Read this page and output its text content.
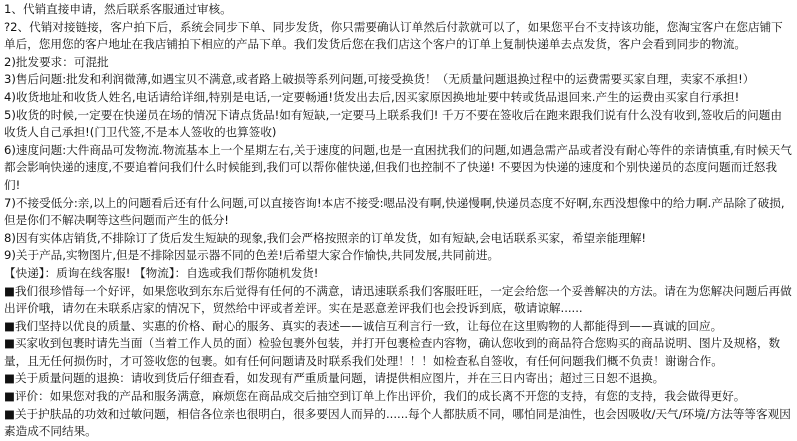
1、代销直接申请，然后联系客服通过审核。
?2、代销对接链接，客户拍下后，系统会同步下单、同步发货，你只需要确认订单然后付款就可以了，如果您平台不支持该功能，您淘宝客户在您店铺下单后，您用您的客户地址在我店铺拍下相应的产品下单。我们发货后您在我们店这个客户的订单上复制快递单去点发货，客户会看到同步的物流。
2)批发要求：可混批
3)售后问题:批发和利润微薄,如遇宝贝不满意,或者路上破损等系列问题,可接受换货！（无质量问题退换过程中的运费需要买家自理，卖家不承担!）
4)收货地址和收货人姓名,电话请给详细,特别是电话,一定要畅通!货发出去后,因买家原因换地址要中转或货品退回来.产生的运费由买家自行承担!
5)收货的时候,一定要在快递员在场的情况下请点货品!如有短缺,一定要马上联系我们! 千万不要在签收后在跑来跟我们说有什么没有收到,签收后的问题由收货人自己承担!(门卫代签,不是本人签收的也算签收)
6)速度问题:大件商品可发物流.物流基本上一个星期左右,关于速度的问题,也是一直困扰我们的问题,如遇急需产品或者没有耐心等件的亲请慎重,有时候天气都会影响快递的速度,不要追着问我们什么时候能到,我们可以帮你催快递,但我们也控制不了快递! 不要因为快递的速度和个别快递员的态度问题而迁怒我们!
7)不接受低分:亲,以上的问题看后还有什么问题,可以直接咨询!本店不接受:嗯品没有啊,快递慢啊,快递员态度不好啊,东西没想像中的给力啊.产品除了破损,但是你们不解决啊等这些问题而产生的低分!
8)因有实体店销货,不排除订了货后发生短缺的现象,我们会严格按照亲的订单发货，如有短缺,会电话联系买家，希望亲能理解!
9)关于产品,实物图片,但是不排除因显示器不同的色差!后希望大家合作愉快,共同发展,共同前进。
【快递】：质询在线客服! 【物流】：自选或我们帮你随机发货!
■我们很珍惜每一个好评，如果您收到东东后觉得有任何的不满意，请迅速联系我们客服旺旺，一定会给您一个妥善解决的方法。请在为您解决问题后再做出评价哦，请勿在未联系店家的情况下，贸然给中评或者差评。实在是恶意差评我们也会投诉到底，敬请谅解......
■我们坚持以优良的质量、实惠的价格、耐心的服务、真实的表述——诚信互利言行一致，让每位在这里购物的人都能得到——真诚的回应。
■买家收到包裹时请先当面（当着工作人员的面）检验包裹外包装，并打开包裹检查内容物，确认您收到的商品符合您购买的商品说明、图片及规格，数量，且无任何损伤时，才可签收您的包裹。如有任何问题请及时联系我们处理！！！如检查私自签收，有任何问题我们概不负责！谢谢合作。
■关于质量问题的退换：请收到货后仔细查看，如发现有严重质量问题，请提供相应图片，并在三日内寄出；超过三日恕不退换。
■评价：如果您对我的产品和服务满意，麻烦您在商品成交后抽空到订单上作出评价，我们的成长离不开您的支持，有您的支持，我会做得更好。
■关于护肤品的功效和过敏问题，相信各位亲也很明白，很多要因人而异的......每个人都肤质不同，哪怕同是油性，也会因吸收/天气/环境/方法等等客观因素造成不同结果。
